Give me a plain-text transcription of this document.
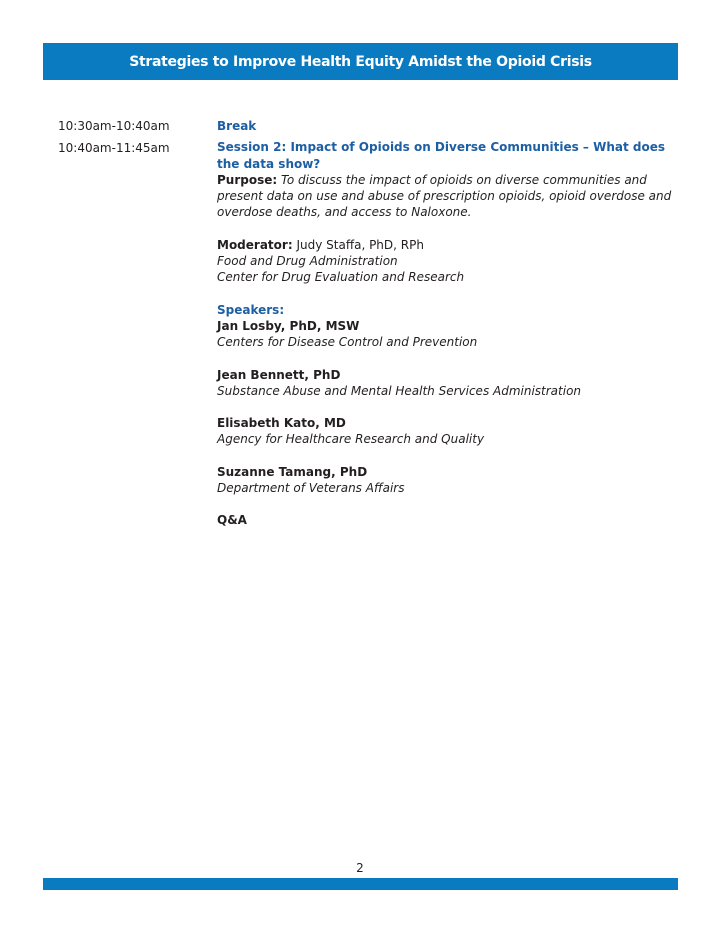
Strategies to Improve Health Equity Amidst the Opioid Crisis
10:30am-10:40am
10:40am-11:45am
Break
Session 2: Impact of Opioids on Diverse Communities – What does the data show?
Purpose: To discuss the impact of opioids on diverse communities and present data on use and abuse of prescription opioids, opioid overdose and overdose deaths, and access to Naloxone.
Moderator: Judy Staffa, PhD, RPh
Food and Drug Administration
Center for Drug Evaluation and Research
Speakers:
Jan Losby, PhD, MSW
Centers for Disease Control and Prevention
Jean Bennett, PhD
Substance Abuse and Mental Health Services Administration
Elisabeth Kato, MD
Agency for Healthcare Research and Quality
Suzanne Tamang, PhD
Department of Veterans Affairs
Q&A
2
